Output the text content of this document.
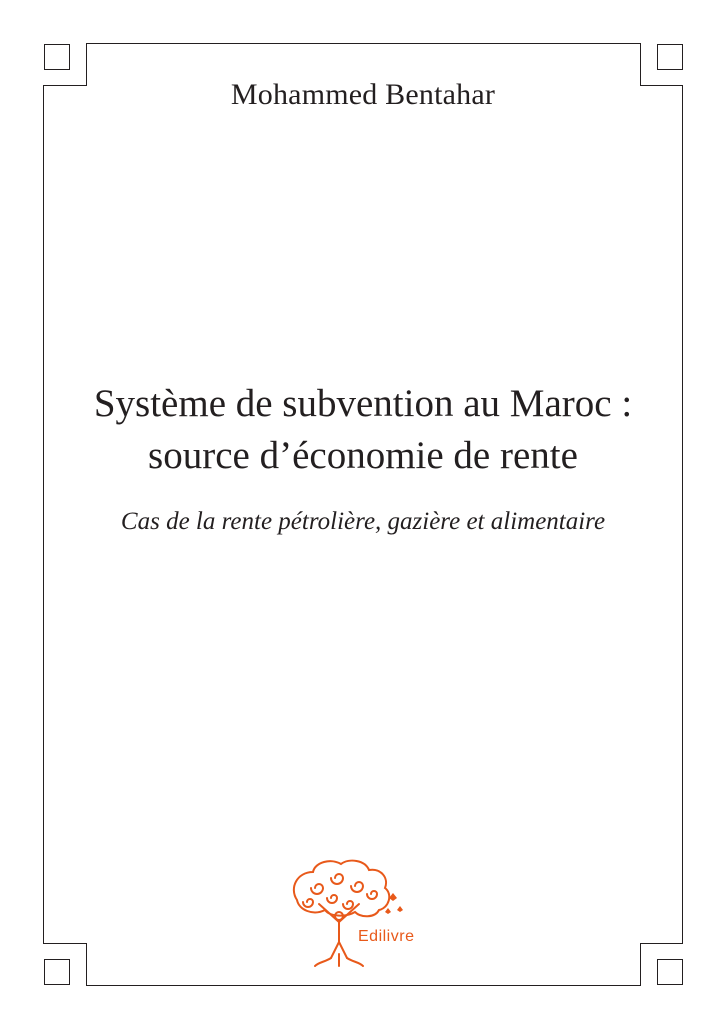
Mohammed Bentahar
Système de subvention au Maroc :
source d’économie de rente
Cas de la rente pétrolière, gazière et alimentaire
Edilivre
